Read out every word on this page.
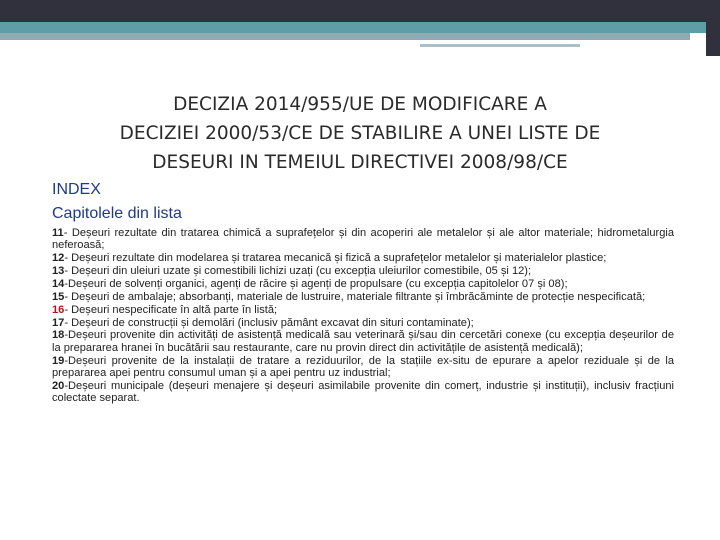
DECIZIA 2014/955/UE DE MODIFICARE A
DECIZIEI 2000/53/CE DE STABILIRE A UNEI LISTE DE
DESEURI IN TEMEIUL DIRECTIVEI 2008/98/CE
INDEX
Capitolele din lista
11- Deșeuri rezultate din tratarea chimică a suprafețelor și din acoperiri ale metalelor și ale altor materiale; hidrometalurgia neferoasă;
12- Deșeuri rezultate din modelarea și tratarea mecanică și fizică a suprafețelor metalelor și materialelor plastice;
13- Deșeuri din uleiuri uzate și comestibili lichizi uzați (cu excepția uleiurilor comestibile, 05 și 12);
14-Deșeuri de solvenți organici, agenți de răcire și agenți de propulsare (cu excepția capitolelor 07 și 08);
15- Deșeuri de ambalaje; absorbanți, materiale de lustruire, materiale filtrante și îmbrăcăminte de protecție nespecificată;
16- Deșeuri nespecificate în altă parte în listă;
17- Deșeuri de construcții și demolări (inclusiv pământ excavat din situri contaminate);
18-Deșeuri provenite din activități de asistență medicală sau veterinară și/sau din cercetări conexe (cu excepția deșeurilor de la prepararea hranei în bucătării sau restaurante, care nu provin direct din activitățile de asistență medicală);
19-Deșeuri provenite de la instalații de tratare a reziduurilor, de la stațiile ex-situ de epurare a apelor reziduale și de la prepararea apei pentru consumul uman și a apei pentru uz industrial;
20-Deșeuri municipale (deșeuri menajere și deșeuri asimilabile provenite din comerț, industrie și instituții), inclusiv fracțiuni colectate separat.
